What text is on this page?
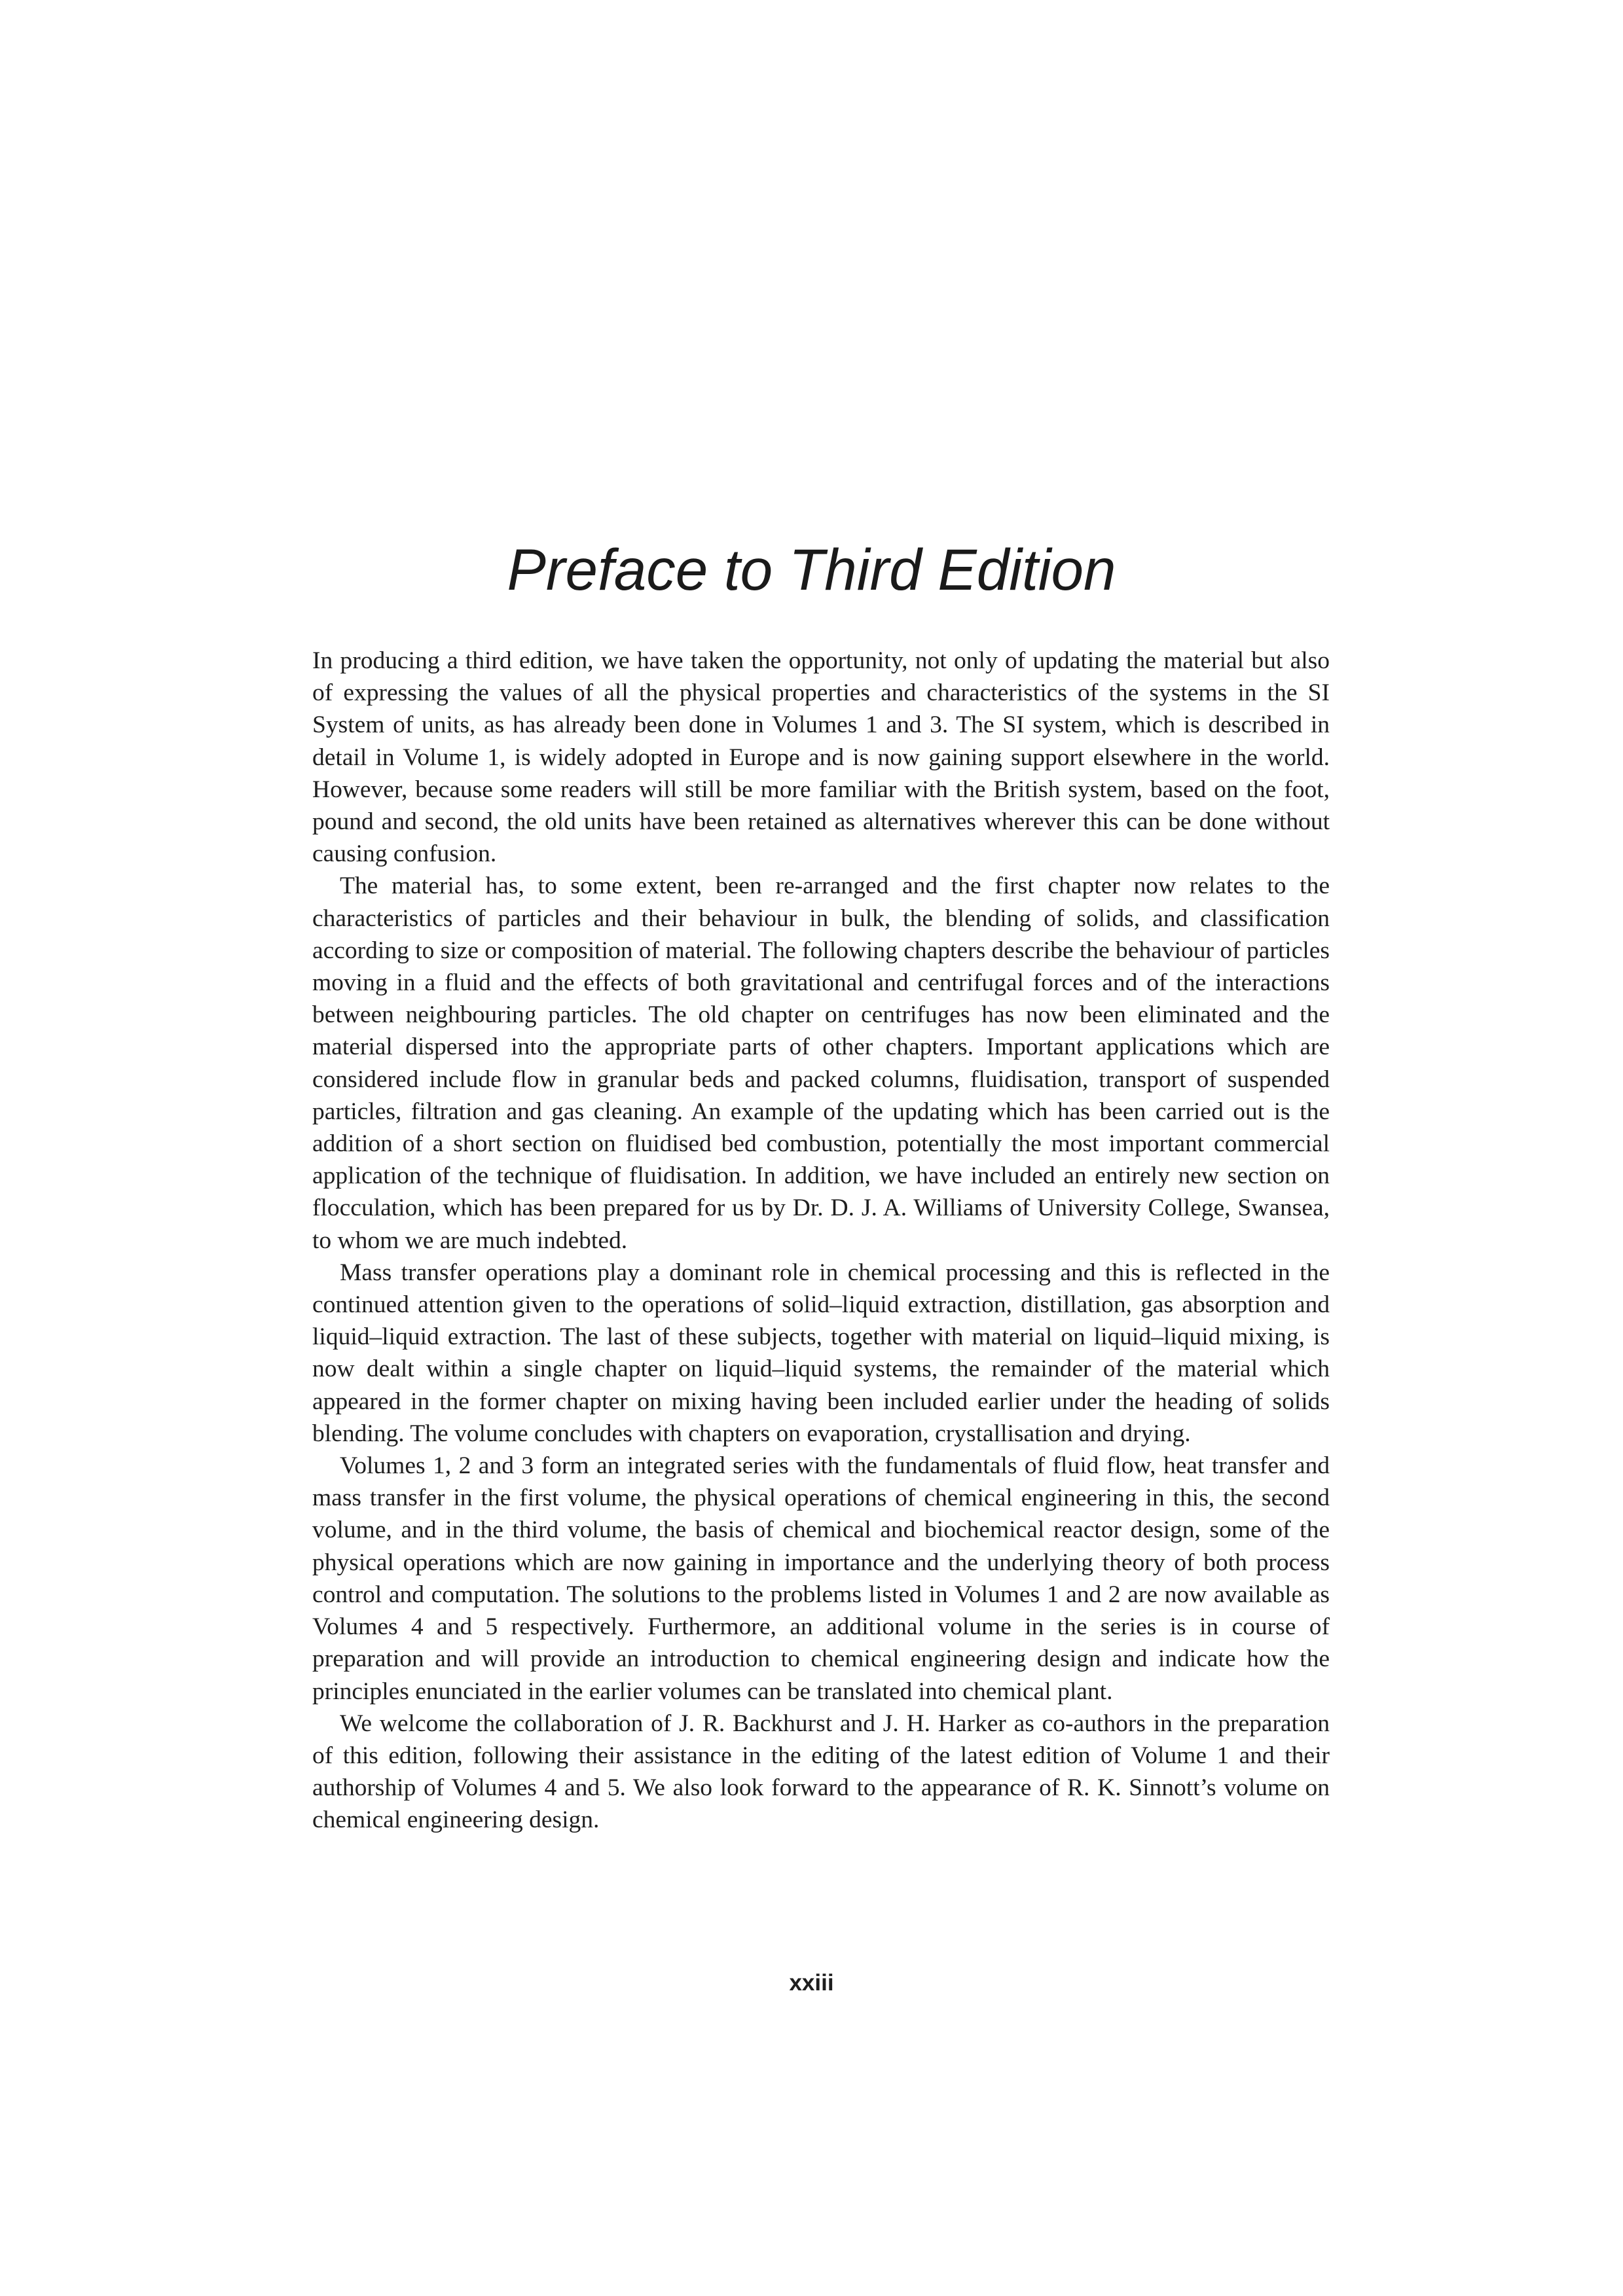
Preface to Third Edition

In producing a third edition, we have taken the opportunity, not only of updating the material but also of expressing the values of all the physical properties and characteristics of the systems in the SI System of units, as has already been done in Volumes 1 and 3. The SI system, which is described in detail in Volume 1, is widely adopted in Europe and is now gaining support elsewhere in the world. However, because some readers will still be more familiar with the British system, based on the foot, pound and second, the old units have been retained as alternatives wherever this can be done without causing confusion.

The material has, to some extent, been re-arranged and the first chapter now relates to the characteristics of particles and their behaviour in bulk, the blending of solids, and classification according to size or composition of material. The following chapters describe the behaviour of particles moving in a fluid and the effects of both gravitational and centrifugal forces and of the interactions between neighbouring particles. The old chapter on centrifuges has now been eliminated and the material dispersed into the appropriate parts of other chapters. Important applications which are considered include flow in granular beds and packed columns, fluidisation, transport of suspended particles, filtration and gas cleaning. An example of the updating which has been carried out is the addition of a short section on fluidised bed combustion, potentially the most important commercial application of the technique of fluidisation. In addition, we have included an entirely new section on flocculation, which has been prepared for us by Dr. D. J. A. Williams of University College, Swansea, to whom we are much indebted.

Mass transfer operations play a dominant role in chemical processing and this is reflected in the continued attention given to the operations of solid–liquid extraction, distillation, gas absorption and liquid–liquid extraction. The last of these subjects, together with material on liquid–liquid mixing, is now dealt within a single chapter on liquid–liquid systems, the remainder of the material which appeared in the former chapter on mixing having been included earlier under the heading of solids blending. The volume concludes with chapters on evaporation, crystallisation and drying.

Volumes 1, 2 and 3 form an integrated series with the fundamentals of fluid flow, heat transfer and mass transfer in the first volume, the physical operations of chemical engineering in this, the second volume, and in the third volume, the basis of chemical and biochemical reactor design, some of the physical operations which are now gaining in importance and the underlying theory of both process control and computation. The solutions to the problems listed in Volumes 1 and 2 are now available as Volumes 4 and 5 respectively. Furthermore, an additional volume in the series is in course of preparation and will provide an introduction to chemical engineering design and indicate how the principles enunciated in the earlier volumes can be translated into chemical plant.

We welcome the collaboration of J. R. Backhurst and J. H. Harker as co-authors in the preparation of this edition, following their assistance in the editing of the latest edition of Volume 1 and their authorship of Volumes 4 and 5. We also look forward to the appearance of R. K. Sinnott’s volume on chemical engineering design.

xxiii
